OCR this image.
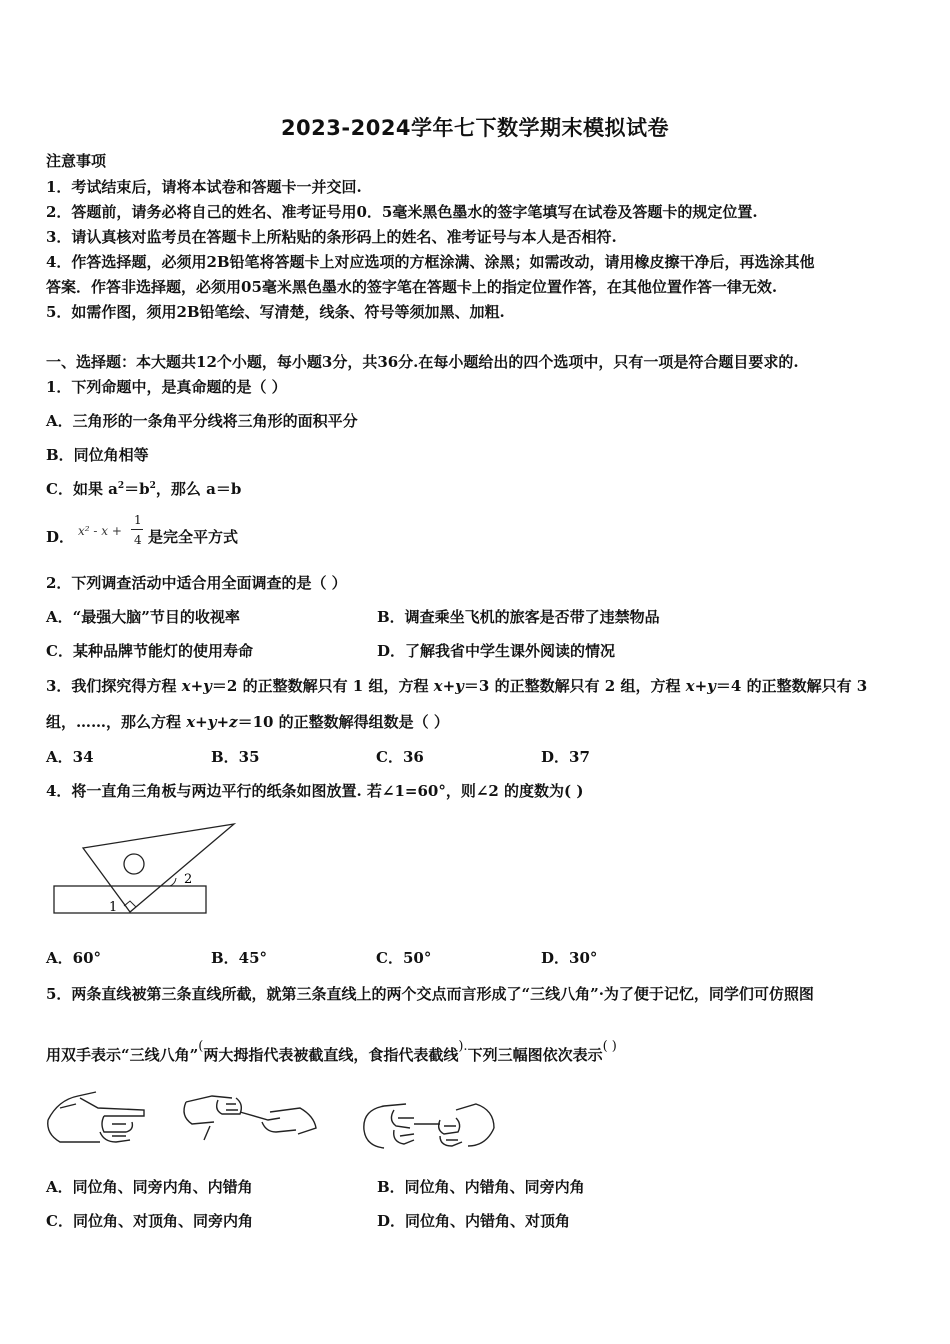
2023-2024学年七下数学期末模拟试卷
注意事项
1．考试结束后，请将本试卷和答题卡一并交回.
2．答题前，请务必将自己的姓名、准考证号用0．5毫米黑色墨水的签字笔填写在试卷及答题卡的规定位置.
3．请认真核对监考员在答题卡上所粘贴的条形码上的姓名、准考证号与本人是否相符.
4．作答选择题，必须用2B铅笔将答题卡上对应选项的方框涂满、涂黑；如需改动，请用橡皮擦干净后，再选涂其他
答案．作答非选择题，必须用05毫米黑色墨水的签字笔在答题卡上的指定位置作答，在其他位置作答一律无效.
5．如需作图，须用2B铅笔绘、写清楚，线条、符号等须加黑、加粗.
一、选择题：本大题共12个小题，每小题3分，共36分.在每小题给出的四个选项中，只有一项是符合题目要求的.
1．下列命题中，是真命题的是（ ）
A．三角形的一条角平分线将三角形的面积平分
B．同位角相等
C．如果 $a^2=b^2$，那么 a＝b
D． x² - x +
1
4 是完全平方式
2．下列调查活动中适合用全面调查的是（ ）
A．“最强大脑”节目的收视率	B．调查乘坐飞机的旅客是否带了违禁物品
C．某种品牌节能灯的使用寿命	D．了解我省中学生课外阅读的情况
3．我们探究得方程 x+y＝2 的正整数解只有 1 组，方程 x+y＝3 的正整数解只有 2 组，方程 x+y＝4 的正整数解只有 3
组，……，那么方程 x+y+z＝10 的正整数解得组数是（ ）
A．34	B．35	C．36	D．37
4．将一直角三角板与两边平行的纸条如图放置. 若∠1=60°，则∠2 的度数为( )
1
2
A．60°	B．45°	C．50°	D．30°
5．两条直线被第三条直线所截，就第三条直线上的两个交点而言形成了“三线八角”·为了便于记忆，同学们可仿照图
用双手表示“三线八角”(两大拇指代表被截直线，食指代表截线).下列三幅图依次表示( )
A．同位角、同旁内角、内错角	B．同位角、内错角、同旁内角
C．同位角、对顶角、同旁内角	D．同位角、内错角、对顶角
